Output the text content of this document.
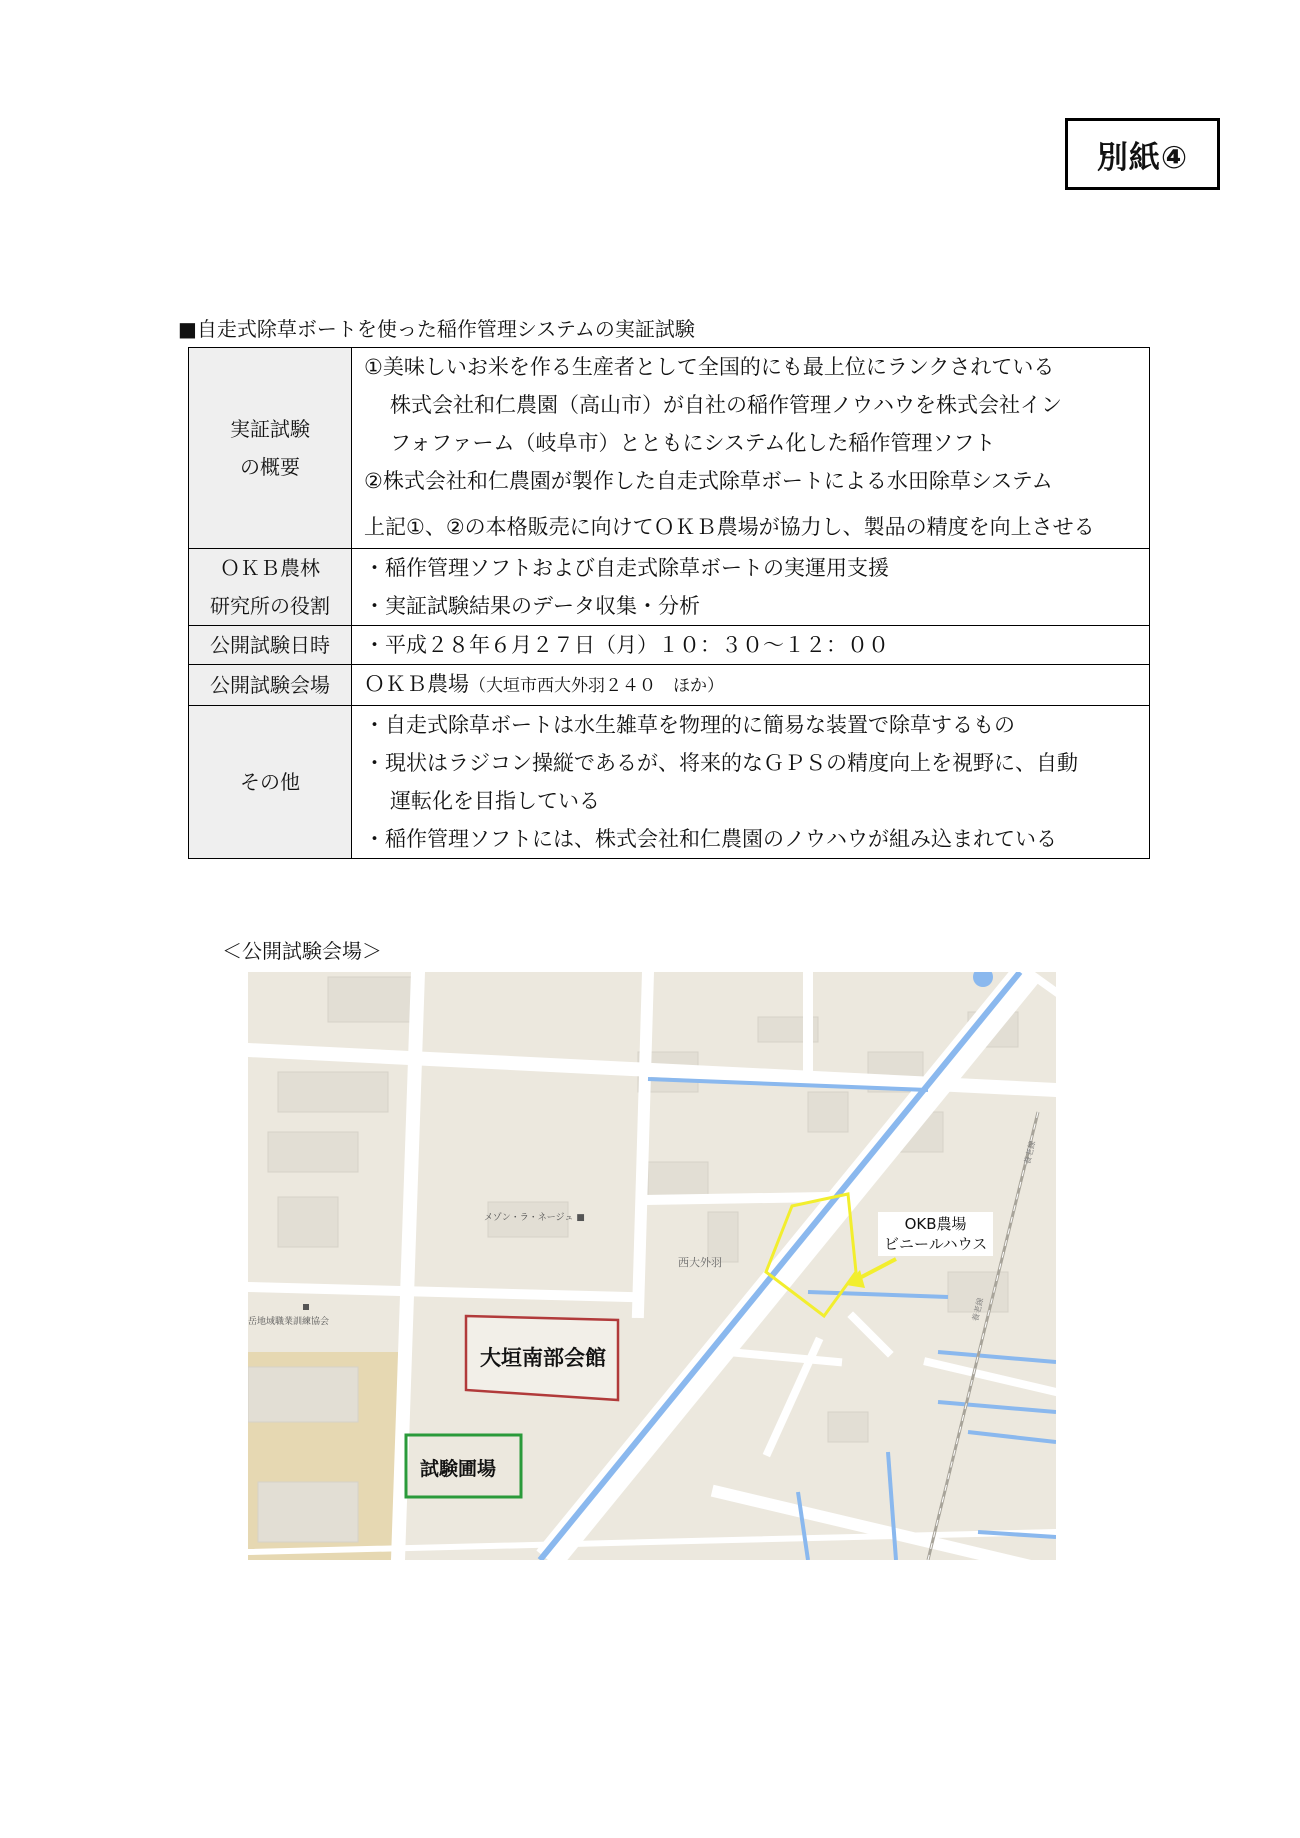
別紙④
■自走式除草ボートを使った稲作管理システムの実証試験
実証試験
の概要	①美味しいお米を作る生産者として全国的にも最上位にランクされている
株式会社和仁農園（高山市）が自社の稲作管理ノウハウを株式会社イン
フォファーム（岐阜市）とともにシステム化した稲作管理ソフト
②株式会社和仁農園が製作した自走式除草ボートによる水田除草システム
上記①、②の本格販売に向けてＯＫＢ農場が協力し、製品の精度を向上させる

ＯＫＢ農林
研究所の役割	・稲作管理ソフトおよび自走式除草ボートの実運用支援
・実証試験結果のデータ収集・分析

公開試験日時	・平成２８年６月２７日（月）１０：３０～１２：００

公開試験会場	ＯＫＢ農場（大垣市西大外羽２４０　ほか）

その他	・自走式除草ボートは水生雑草を物理的に簡易な装置で除草するもの
・現状はラジコン操縦であるが、将来的なＧＰＳの精度向上を視野に、自動
運転化を目指している
・稲作管理ソフトには、株式会社和仁農園のノウハウが組み込まれている
＜公開試験会場＞
OKB農場
ビニールハウス
大垣南部会館
試験圃場
メゾン・ラ・ネージュ ■
西大外羽
岳地域職業訓練協会
養老線
養老線
